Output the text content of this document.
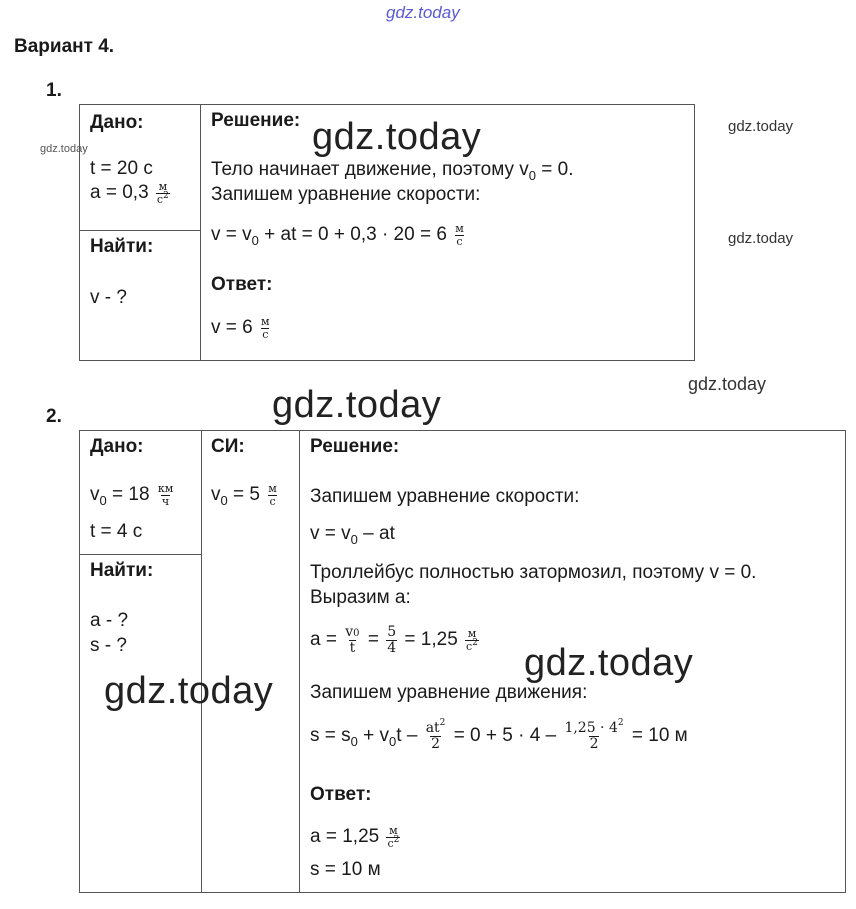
gdz.today
gdz.today
gdz.today
gdz.today
gdz.today
Вариант 4.
1.
Дано:
t = 20 с
$a = 0,3 \frac{м}{с^2}$
Найти:
v - ?
Решение:
Тело начинает движение, поэтому $v_0 = 0$.
Запишем уравнение скорости:
$v = v_0$ + at = $0 + 0,3 \cdot 20 = 6 \frac{м}{с}$
Ответ:
$v = 6 \frac{м}{с}$
gdz.today
2.
Дано:
$v_0 = 18 \frac{км}{ч}$
t = 4 с
Найти:
a - ?
s - ?
СИ:
$v_0 = 5 \frac{м}{с}$
Решение:
Запишем уравнение скорости:
$v = v_0$ – at
Троллейбус полностью затормозил, поэтому v = 0.
Выразим a:
$a = \frac{v0}{t} = \frac{5}{4} = 1,25 \frac{м}{с^2}$
Запишем уравнение движения:
$s = s_0 + v_0t - \frac{at^2}{2} = 0 + 5 \cdot 4 - \frac{1,25 \cdot 4^2}{2} = 10$ м
Ответ:
$a = 1,25 \frac{м}{с^2}$
s = 10 м
gdz.today
gdz.today
gdz.today
